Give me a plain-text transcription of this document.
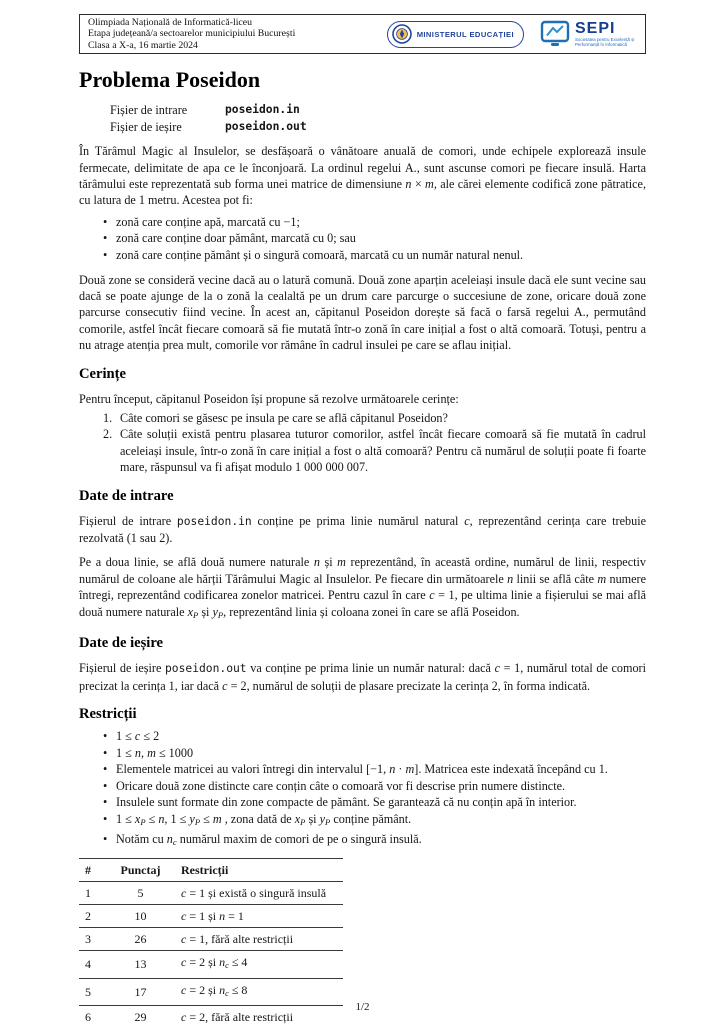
Olimpiada Națională de Informatică-liceu
Etapa județeană/a sectoarelor municipiului București
Clasa a X-a, 16 martie 2024
MINISTERUL EDUCAȚIEI	SEPI
Societatea pentru Excelență și Performanță în Informatică
Problema Poseidon
Fișier de intrare	poseidon.in
Fișier de ieșire	poseidon.out

În Tărâmul Magic al Insulelor, se desfășoară o vânătoare anuală de comori, unde echipele explorează insule fermecate, delimitate de apa ce le înconjoară. La ordinul regelui A., sunt ascunse comori pe fiecare insulă. Harta tărâmului este reprezentată sub forma unei matrice de dimensiune n × m, ale cărei elemente codifică zone pătratice, cu latura de 1 metru. Acestea pot fi:

• zonă care conține apă, marcată cu −1;
• zonă care conține doar pământ, marcată cu 0; sau
• zonă care conține pământ și o singură comoară, marcată cu un număr natural nenul.

Două zone se consideră vecine dacă au o latură comună. Două zone aparțin aceleiași insule dacă ele sunt vecine sau dacă se poate ajunge de la o zonă la cealaltă pe un drum care parcurge o succesiune de zone, oricare două zone parcurse consecutiv fiind vecine. În acest an, căpitanul Poseidon dorește să facă o farsă regelui A., permutând comorile, astfel încât fiecare comoară să fie mutată într-o zonă în care inițial a fost o altă comoară. Totuși, pentru a nu atrage atenția prea mult, comorile vor rămâne în cadrul insulei pe care se aflau inițial.

Cerințe

Pentru început, căpitanul Poseidon își propune să rezolve următoarele cerințe:

Câte comori se găsesc pe insula pe care se află căpitanul Poseidon?
Câte soluții există pentru plasarea tuturor comorilor, astfel încât fiecare comoară să fie mutată în cadrul aceleiași insule, într-o zonă în care inițial a fost o altă comoară? Pentru că numărul de soluții poate fi foarte mare, răspunsul va fi afișat modulo 1 000 000 007.
Date de intrare

Fișierul de intrare poseidon.in conține pe prima linie numărul natural c, reprezentând cerința care trebuie rezolvată (1 sau 2).

Pe a doua linie, se află două numere naturale n și m reprezentând, în această ordine, numărul de linii, respectiv numărul de coloane ale hărții Tărâmului Magic al Insulelor. Pe fiecare din următoarele n linii se află câte m numere întregi, reprezentând codificarea zonelor matricei. Pentru cazul în care c = 1, pe ultima linie a fișierului se mai află două numere naturale xP și yP, reprezentând linia și coloana zonei în care se află Poseidon.

Date de ieșire

Fișierul de ieșire poseidon.out va conține pe prima linie un număr natural: dacă c = 1, numărul total de comori precizat la cerința 1, iar dacă c = 2, numărul de soluții de plasare precizate la cerința 2, în forma indicată.

Restricții
• 1 ≤ c ≤ 2
• 1 ≤ n, m ≤ 1000
• Elementele matricei au valori întregi din intervalul [−1, n · m]. Matricea este indexată începând cu 1.
• Oricare două zone distincte care conțin câte o comoară vor fi descrise prin numere distincte.
• Insulele sunt formate din zone compacte de pământ. Se garantează că nu conțin apă în interior.
• 1 ≤ xP ≤ n, 1 ≤ yP ≤ m , zona dată de xP și yP conține pământ.
• Notăm cu nc numărul maxim de comori de pe o singură insulă.
#	Punctaj	Restricții
1	5	c = 1 și există o singură insulă
2	10	c = 1 și n = 1
3	26	c = 1, fără alte restricții
4	13	c = 2 și nc ≤ 4
5	17	c = 2 și nc ≤ 8
6	29	c = 2, fără alte restricții
1/2
